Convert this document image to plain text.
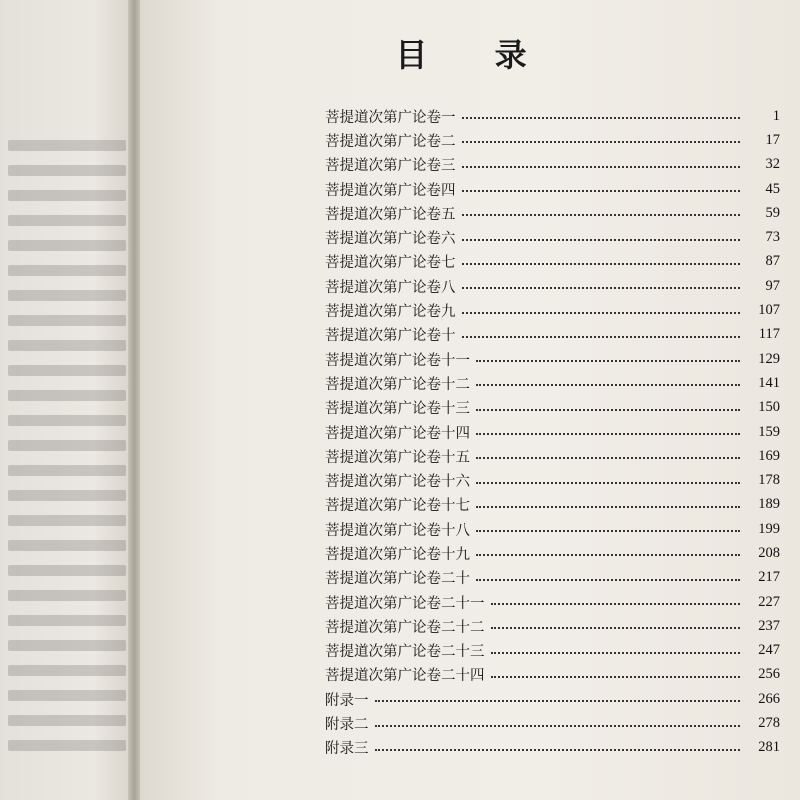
目 录
菩提道次第广论卷一	1
菩提道次第广论卷二	17
菩提道次第广论卷三	32
菩提道次第广论卷四	45
菩提道次第广论卷五	59
菩提道次第广论卷六	73
菩提道次第广论卷七	87
菩提道次第广论卷八	97
菩提道次第广论卷九	107
菩提道次第广论卷十	117
菩提道次第广论卷十一	129
菩提道次第广论卷十二	141
菩提道次第广论卷十三	150
菩提道次第广论卷十四	159
菩提道次第广论卷十五	169
菩提道次第广论卷十六	178
菩提道次第广论卷十七	189
菩提道次第广论卷十八	199
菩提道次第广论卷十九	208
菩提道次第广论卷二十	217
菩提道次第广论卷二十一	227
菩提道次第广论卷二十二	237
菩提道次第广论卷二十三	247
菩提道次第广论卷二十四	256
附录一	266
附录二	278
附录三	281
